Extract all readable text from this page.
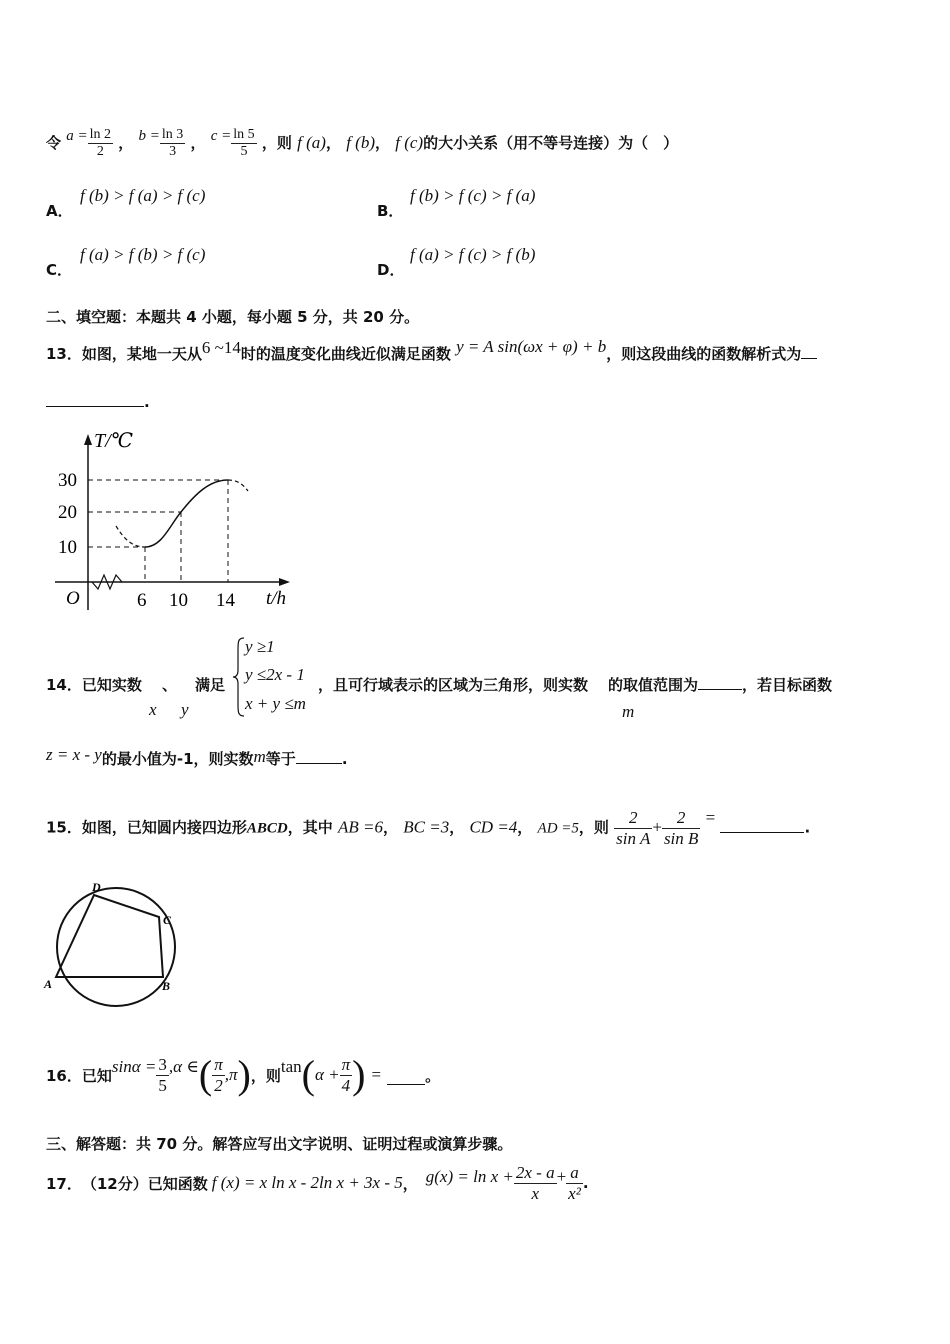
令 $a = \frac{\ln 2}{2}$ ， $b = \frac{\ln 3}{3}$ ， $c = \frac{\ln 5}{5}$ ，则 f (a)， f (b)， f (c)的大小关系（用不等号连接）为（　）
A．
f (b) > f (a) > f (c)
B．
f (b) > f (c) > f (a)
C．
f (a) > f (b) > f (c)
D．
f (a) > f (c) > f (b)
二、填空题：本题共 4 小题，每小题 5 分，共 20 分。
13．如图，某地一天从6 ~14时的温度变化曲线近似满足函数 y = A sin(ωx + φ) + b，则这段曲线的函数解析式为
.
T/℃
30
20
10
O	6 10 14 t/h
14．已知实数 、 满足
x y
y ≥1
y ≤2x - 1
x + y ≤m
，且可行域表示的区域为三角形，则实数 的取值范围为	，若目标函数
m
z = x - y的最小值为-1，则实数m等于	.
15．如图，已知圆内接四边形ABCD，其中 AB =6， BC =3， CD =4， AD =5，则 $\frac{2}{\text{sin A}} + \frac{2}{\text{sin B}}$ = .
A	B
C
D
16． 已知 $\sin\alpha = \frac{3}{5} ,\alpha$ ∈ ( $\frac{\pi}{2} ,\pi$ ) ，则 tan ( $\alpha + \frac{\pi}{4}$ ) =	。
三、解答题：共 70 分。解答应写出文字说明、证明过程或演算步骤。
17． （12分） 已知函数 f (x) = x ln x - 2ln x + 3x - 5 ， $g(x) = \ln x + \frac{2x - a}{x} + \frac{a}{\text{x²}}$ .
